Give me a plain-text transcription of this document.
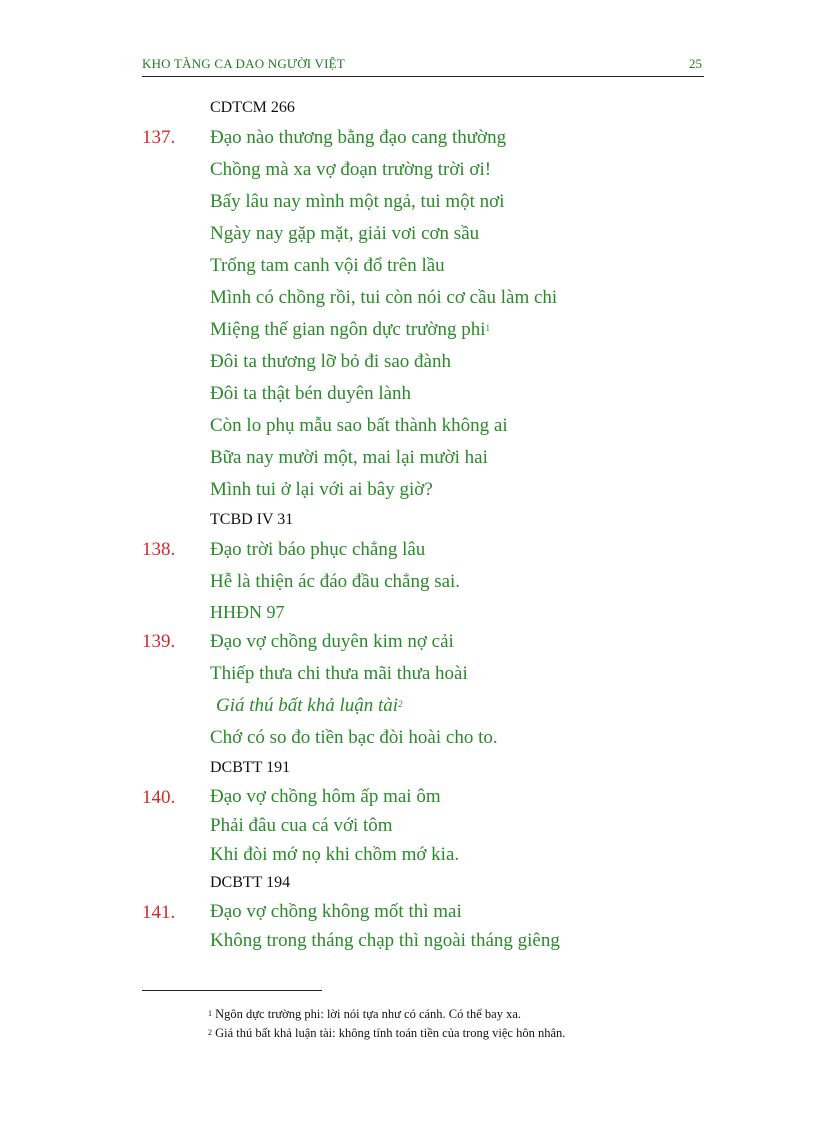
KHO TÀNG CA DAO NGƯỜI VIỆT	25
CDTCM 266
137. Đạo nào thương bằng đạo cang thường
Chồng mà xa vợ đoạn trường trời ơi!
Bấy lâu nay mình một ngả, tui một nơi
Ngày nay gặp mặt, giải vơi cơn sầu
Trống tam canh vội đổ trên lầu
Mình có chồng rồi, tui còn nói cơ cầu làm chi
Miệng thế gian ngôn dực trường phi$^1$
Đôi ta thương lỡ bỏ đi sao đành
Đôi ta thật bén duyên lành
Còn lo phụ mẫu sao bất thành không ai
Bữa nay mười một, mai lại mười hai
Mình tui ở lại với ai bây giờ?
TCBD IV 31
138. Đạo trời báo phục chẳng lâu
Hễ là thiện ác đáo đầu chẳng sai.
HHĐN 97
139. Đạo vợ chồng duyên kim nợ cải
Thiếp thưa chi thưa mãi thưa hoài
Giá thú bất khả luận tài$^2$
Chớ có so đo tiền bạc đòi hoài cho to.
DCBTT 191
140. Đạo vợ chồng hôm ấp mai ôm
Phải đâu cua cá với tôm
Khi đòi mớ nọ khi chồm mớ kia.
DCBTT 194
141. Đạo vợ chồng không mốt thì mai
Không trong tháng chạp thì ngoài tháng giêng
$^1$ Ngôn dực trường phi: lời nói tựa như có cánh. Có thể bay xa.
$^2$ Giá thú bất khả luận tài: không tính toán tiền của trong việc hôn nhân.
